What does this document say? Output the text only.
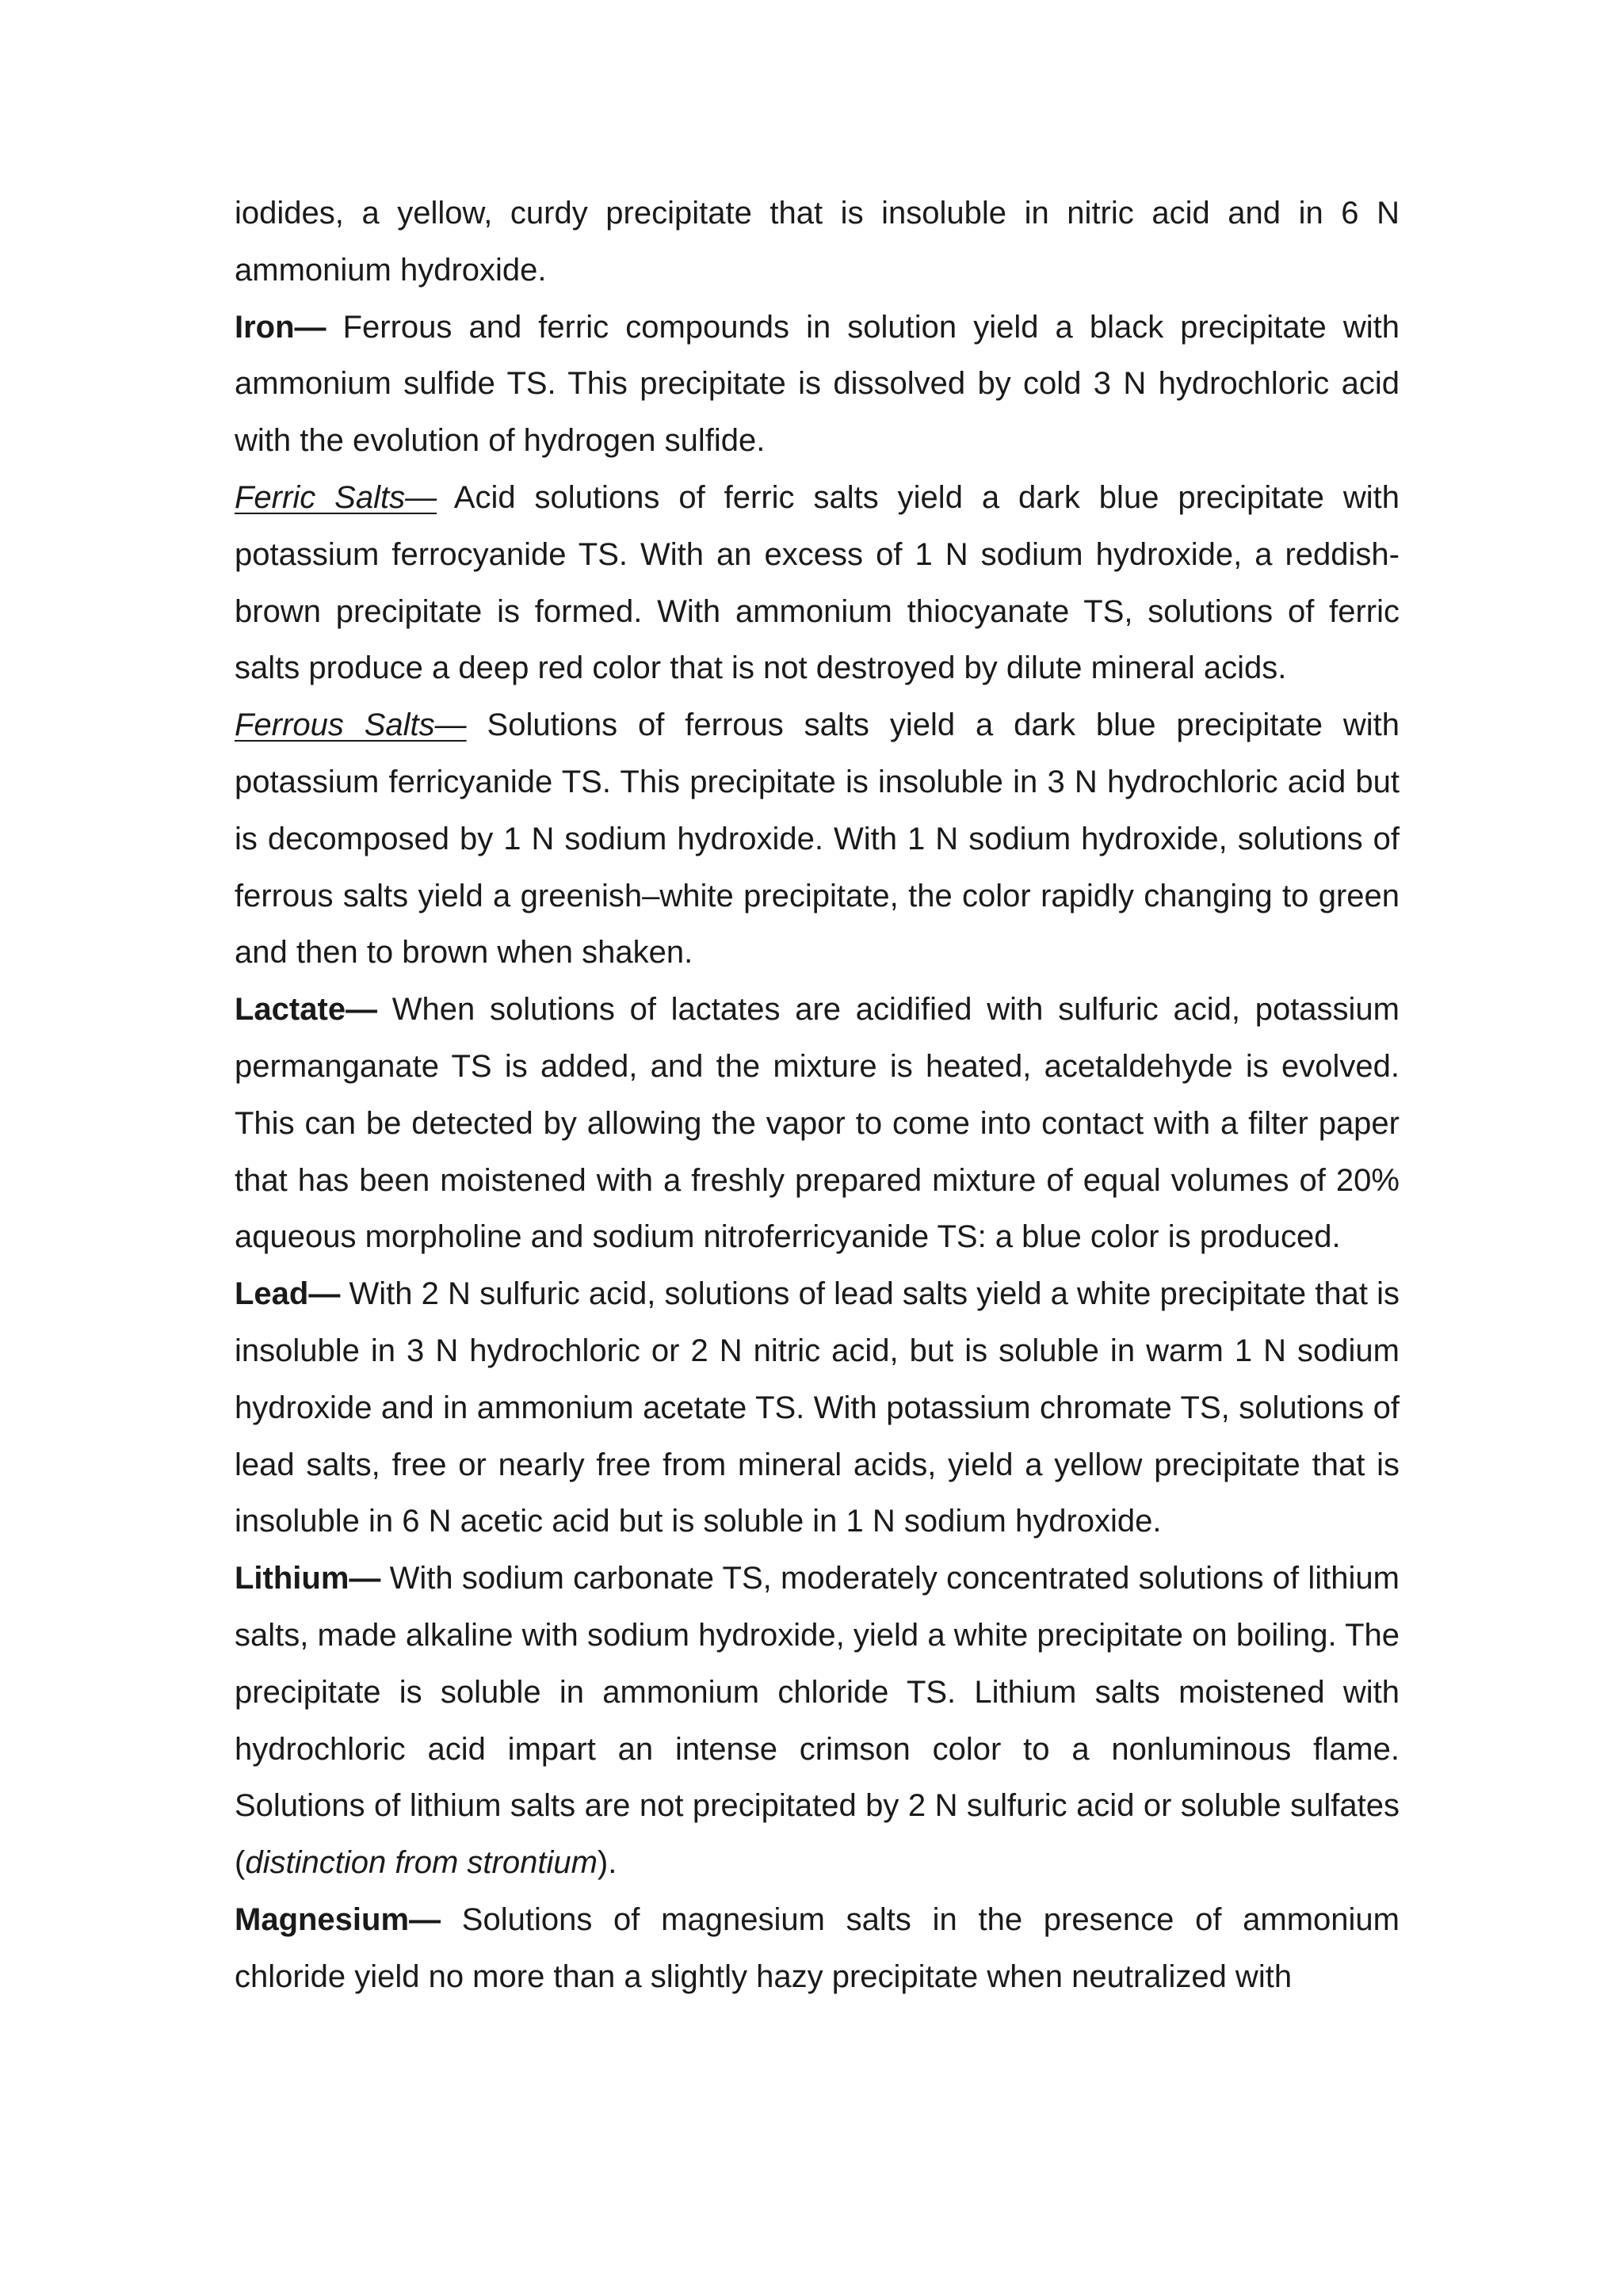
iodides, a yellow, curdy precipitate that is insoluble in nitric acid and in 6 N ammonium hydroxide.

Iron— Ferrous and ferric compounds in solution yield a black precipitate with ammonium sulfide TS. This precipitate is dissolved by cold 3 N hydrochloric acid with the evolution of hydrogen sulfide.

Ferric Salts— Acid solutions of ferric salts yield a dark blue precipitate with potassium ferrocyanide TS. With an excess of 1 N sodium hydroxide, a reddish-brown precipitate is formed. With ammonium thiocyanate TS, solutions of ferric salts produce a deep red color that is not destroyed by dilute mineral acids.

Ferrous Salts— Solutions of ferrous salts yield a dark blue precipitate with potassium ferricyanide TS. This precipitate is insoluble in 3 N hydrochloric acid but is decomposed by 1 N sodium hydroxide. With 1 N sodium hydroxide, solutions of ferrous salts yield a greenish–white precipitate, the color rapidly changing to green and then to brown when shaken.

Lactate— When solutions of lactates are acidified with sulfuric acid, potassium permanganate TS is added, and the mixture is heated, acetaldehyde is evolved. This can be detected by allowing the vapor to come into contact with a filter paper that has been moistened with a freshly prepared mixture of equal volumes of 20% aqueous morpholine and sodium nitroferricyanide TS: a blue color is produced.

Lead— With 2 N sulfuric acid, solutions of lead salts yield a white precipitate that is insoluble in 3 N hydrochloric or 2 N nitric acid, but is soluble in warm 1 N sodium hydroxide and in ammonium acetate TS. With potassium chromate TS, solutions of lead salts, free or nearly free from mineral acids, yield a yellow precipitate that is insoluble in 6 N acetic acid but is soluble in 1 N sodium hydroxide.

Lithium— With sodium carbonate TS, moderately concentrated solutions of lithium salts, made alkaline with sodium hydroxide, yield a white precipitate on boiling. The precipitate is soluble in ammonium chloride TS. Lithium salts moistened with hydrochloric acid impart an intense crimson color to a nonluminous flame. Solutions of lithium salts are not precipitated by 2 N sulfuric acid or soluble sulfates (distinction from strontium).

Magnesium— Solutions of magnesium salts in the presence of ammonium chloride yield no more than a slightly hazy precipitate when neutralized with
